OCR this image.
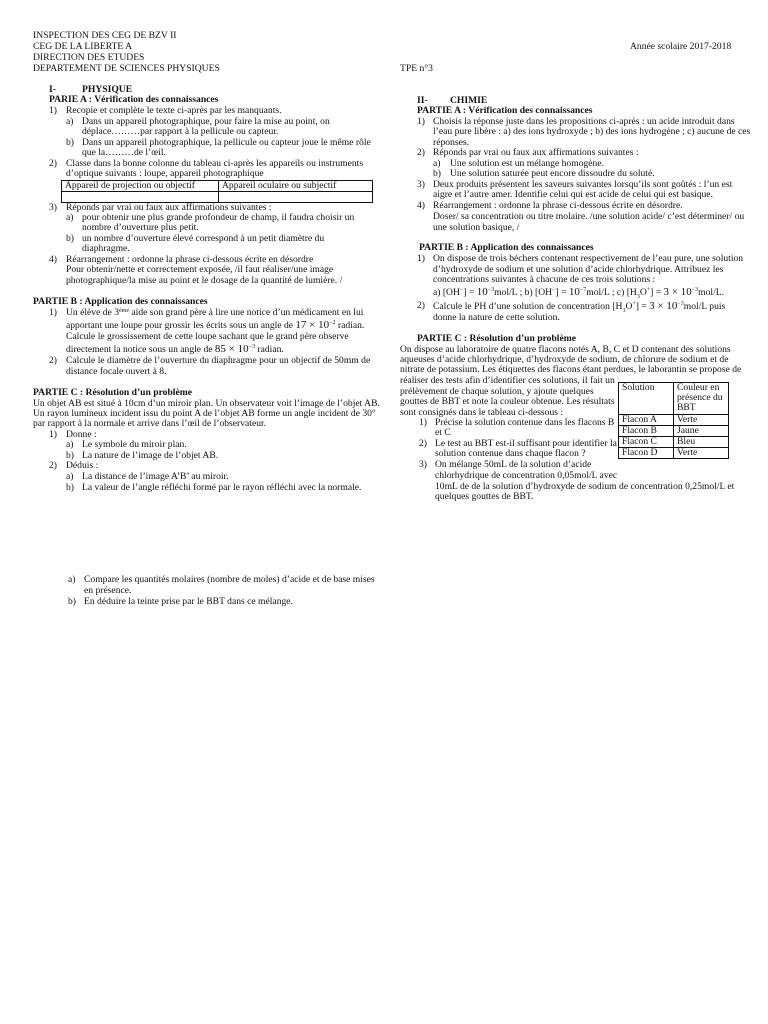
INSPECTION DES CEG DE BZV II
CEG DE LA LIBERTE A
DIRECTION DES ETUDES
DEPARTEMENT DE SCIENCES PHYSIQUES
Année scolaire 2017-2018
TPE n°3
I-	PHYSIQUE
PARIE A : Vérification des connaissances
1) Recopie et complète le texte ci-après par les manquants.
a) Dans un appareil photographique, pour faire la mise au point, on
déplace………par rapport à la pellicule ou capteur.
b) Dans un appareil photographique, la pellicule ou capteur joue le même rôle
que la………de l’œil.
2) Classe dans la bonne colonne du tableau ci-après les appareils ou instruments
d’optique suivants : loupe, appareil photographique
Appareil de projection ou objectif	Appareil oculaire ou subjectif

3) Réponds par vrai ou faux aux affirmations suivantes :
a) pour obtenir une plus grande profondeur de champ, il faudra choisir un
nombre d’ouverture plus petit.
b) un nombre d’ouverture élevé correspond à un petit diamètre du
diaphragme.
4) Réarrangement : ordonne la phrase ci-dessous écrite en désordre
Pour obtenir/nette et correctement exposée, /il faut réaliser/une image
photographique/la mise au point et le dosage de la quantité de lumière. /
PARTIE B : Application des connaissances
1) Un élève de 3ème aide son grand père à lire une notice d’un médicament en lui
apportant une loupe pour grossir les écrits sous un angle de $17 \times 10^{-2}$ radian.
Calcule le grossissement de cette loupe sachant que le grand père observe
directement la notice sous un angle de $85 \times 10^{-3}$ radian.
2) Calcule le diamètre de l’ouverture du diaphragme pour un objectif de 50mm de
distance focale ouvert à 8.
PARTIE C : Résolution d’un problème
Un objet AB est situé à 10cm d’un miroir plan. Un observateur voit l’image de l’objet AB.
Un rayon lumineux incident issu du point A de l’objet AB forme un angle incident de 30°
par rapport à la normale et arrive dans l’œil de l’observateur.
1) Donne :
a) Le symbole du miroir plan.
b) La nature de l’image de l’objet AB.
2) Déduis :
a) La distance de l’image A’B’ au miroir.
b) La valeur de l’angle réfléchi formé par le rayon réfléchi avec la normale.
II- CHIMIE
PARTIE A : Vérification des connaissances
1) Choisis la réponse juste dans les propositions ci-après : un acide introduit dans
l’eau pure libère : a) des ions hydroxyde ; b) des ions hydrogène ; c) aucune de ces
réponses.
2) Réponds par vrai ou faux aux affirmations suivantes :
a) Une solution est un mélange homogène.
b) Une solution saturée peut encore dissoudre du soluté.
3) Deux produits présentent les saveurs suivantes lorsqu’ils sont goûtés : l’un est
aigre et l’autre amer. Identifie celui qui est acide de celui qui est basique.
4) Réarrangement : ordonne la phrase ci-dessous écrite en désordre.
Doser/ sa concentration ou titre molaire. /une solution acide/ c’est déterminer/ ou
une solution basique, /
PARTIE B : Application des connaissances
1) On dispose de trois béchers contenant respectivement de l’eau pure, une solution
d’hydroxyde de sodium et une solution d’acide chlorhydrique. Attribuez les
concentrations suivantes à chacune de ces trois solutions :
a) $[OH^-] = 10^{-3}mol/L$ ; b) $[OH^-] = 10^{-7}mol/L$ ; c) $[H_3O^+] = 3 \times 10^{-3}mol/L$.
2) Calcule le PH d’une solution de concentration $[H_3O^+] = 3 \times 10^{-3}mol/L$ puis
donne la nature de cette solution.
PARTIE C : Résolution d’un problème
On dispose au laboratoire de quatre flacons notés A, B, C et D contenant des solutions
aqueuses d’acide chlorhydrique, d’hydroxyde de sodium, de chlorure de sodium et de
nitrate de potassium. Les étiquettes des flacons étant perdues, le laborantin se propose de
réaliser des tests afin d’identifier ces solutions, il fait un
prélèvement de chaque solution, y ajoute quelques
gouttes de BBT et note la couleur obtenue. Les résultats
sont consignés dans le tableau ci-dessous :
Solution	Couleur en
présence du
BBT

Flacon A	Verte
Flacon B	Jaune
Flacon C	Bleu
Flacon D	Verte
1) Précise la solution contenue dans les flacons B
et C
2) Le test au BBT est-il suffisant pour identifier la
solution contenue dans chaque flacon ?
3) On mélange 50mL de la solution d’acide
chlorhydrique de concentration 0,05mol/L avec
10mL de de la solution d’hydroxyde de sodium de concentration 0,25mol/L et
quelques gouttes de BBT.
a) Compare les quantités molaires (nombre de moles) d’acide et de base mises
en présence.
b) En déduire la teinte prise par le BBT dans ce mélange.
